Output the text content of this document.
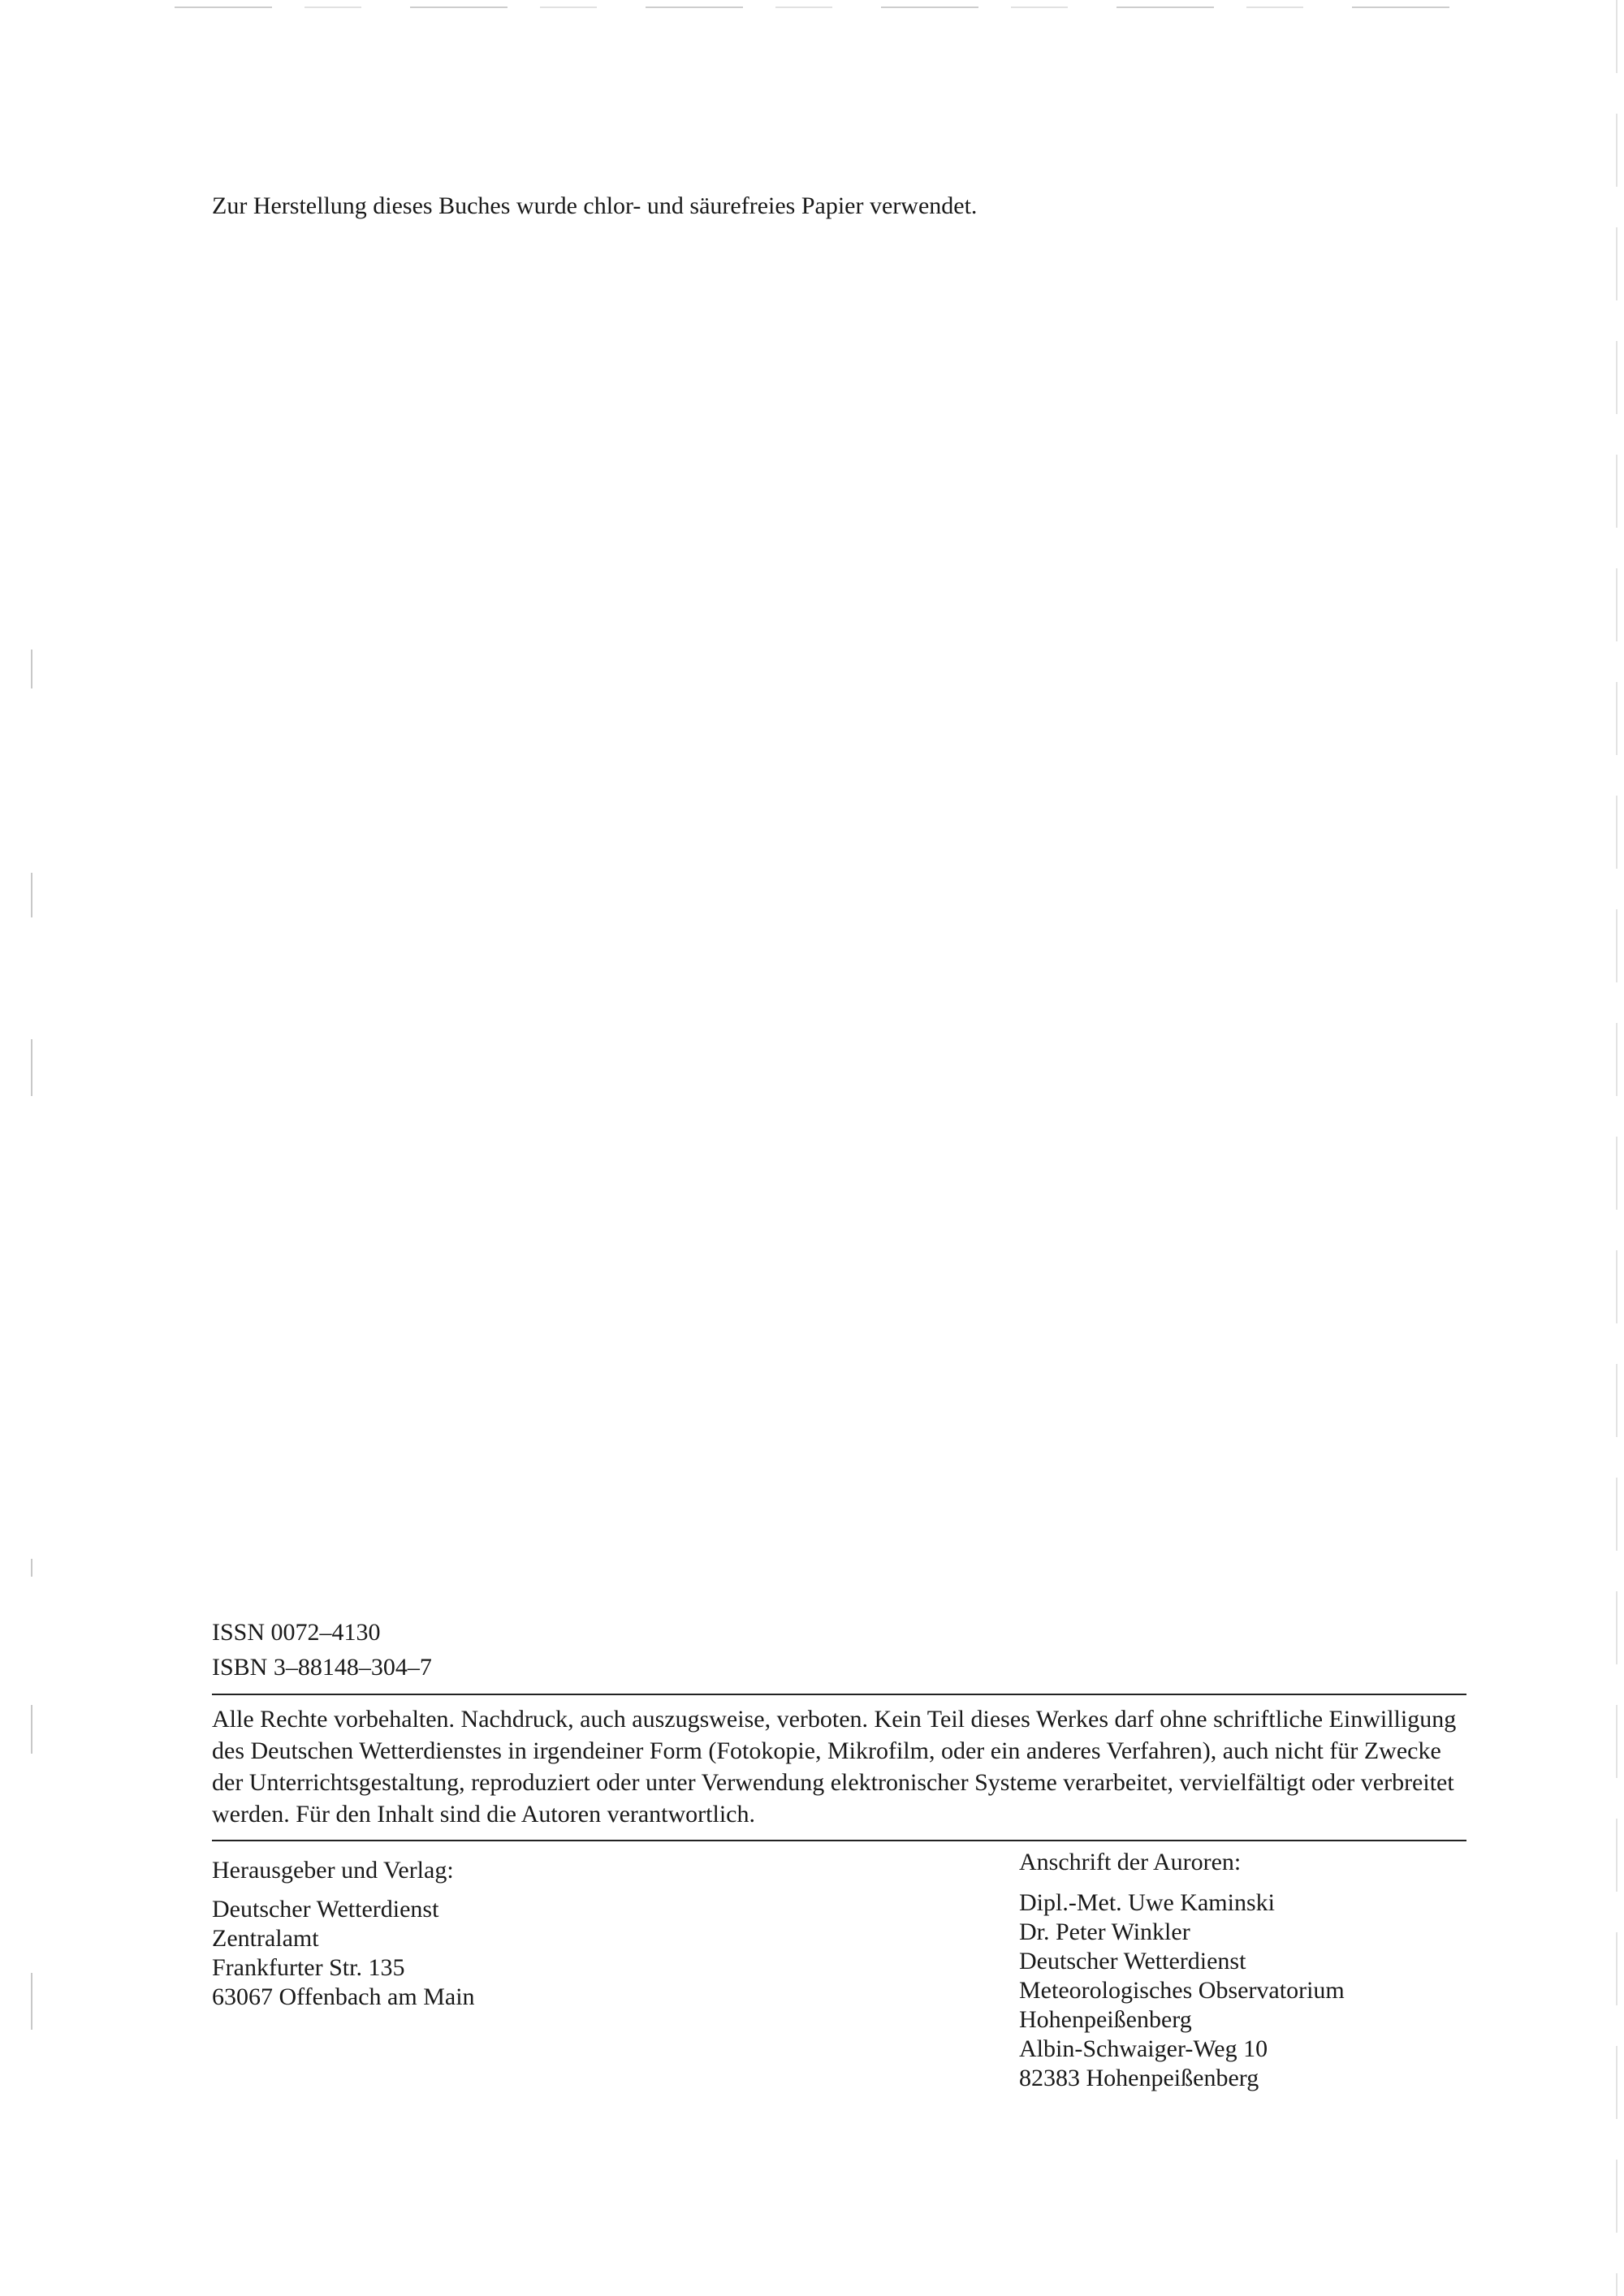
Zur Herstellung dieses Buches wurde chlor- und säurefreies Papier verwendet.
ISSN 0072–4130
ISBN 3–88148–304–7
Alle Rechte vorbehalten. Nachdruck, auch auszugsweise, verboten. Kein Teil dieses Werkes darf ohne schriftliche Einwilligung
des Deutschen Wetterdienstes in irgendeiner Form (Fotokopie, Mikrofilm, oder ein anderes Verfahren), auch nicht für Zwecke
der Unterrichtsgestaltung, reproduziert oder unter Verwendung elektronischer Systeme verarbeitet, vervielfältigt oder verbreitet
werden. Für den Inhalt sind die Autoren verantwortlich.
Herausgeber und Verlag:
Deutscher Wetterdienst
Zentralamt
Frankfurter Str. 135
63067 Offenbach am Main
Anschrift der Auroren:
Dipl.-Met. Uwe Kaminski
Dr. Peter Winkler
Deutscher Wetterdienst
Meteorologisches Observatorium
Hohenpeißenberg
Albin-Schwaiger-Weg 10
82383 Hohenpeißenberg
